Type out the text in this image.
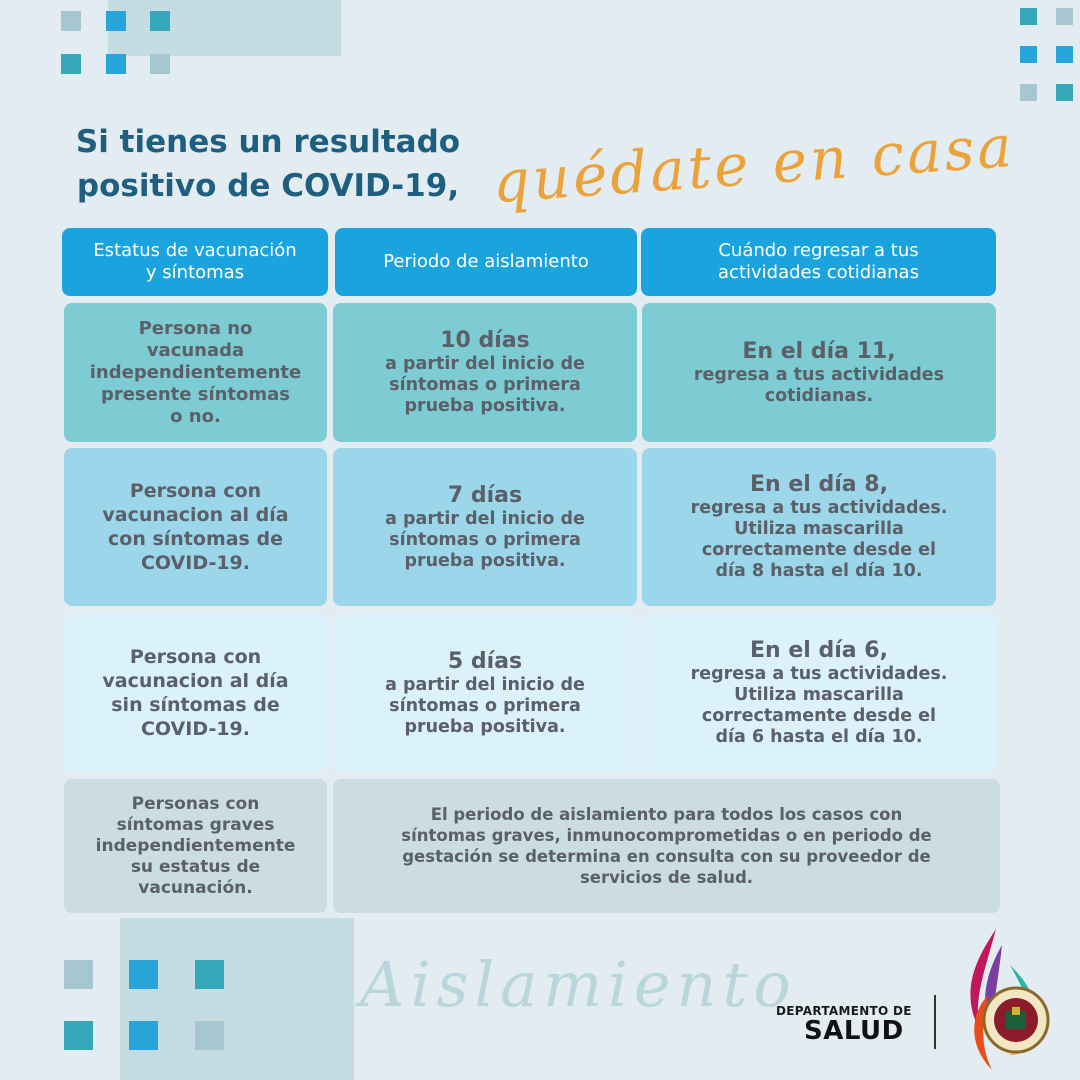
Si tienes un resultado
positivo de COVID-19, quédate en casa
Estatus de vacunación
y síntomas
Periodo de aislamiento
Cuándo regresar a tus
actividades cotidianas
Persona no
vacunada
independientemente
presente síntomas
o no.
10 días
a partir del inicio de
síntomas o primera
prueba positiva.
En el día 11,
regresa a tus actividades
cotidianas.
Persona con
vacunacion al día
con síntomas de
COVID-19.
7 días
a partir del inicio de
síntomas o primera
prueba positiva.
En el día 8,
regresa a tus actividades.
Utiliza mascarilla
correctamente desde el
día 8 hasta el día 10.
Persona con
vacunacion al día
sin síntomas de
COVID-19.
5 días
a partir del inicio de
síntomas o primera
prueba positiva.
En el día 6,
regresa a tus actividades.
Utiliza mascarilla
correctamente desde el
día 6 hasta el día 10.
Personas con
síntomas graves
independientemente
su estatus de
vacunación.
El periodo de aislamiento para todos los casos con
síntomas graves, inmunocomprometidas o en periodo de
gestación se determina en consulta con su proveedor de
servicios de salud.
Aislamiento
DEPARTAMENTO DE
SALUD
